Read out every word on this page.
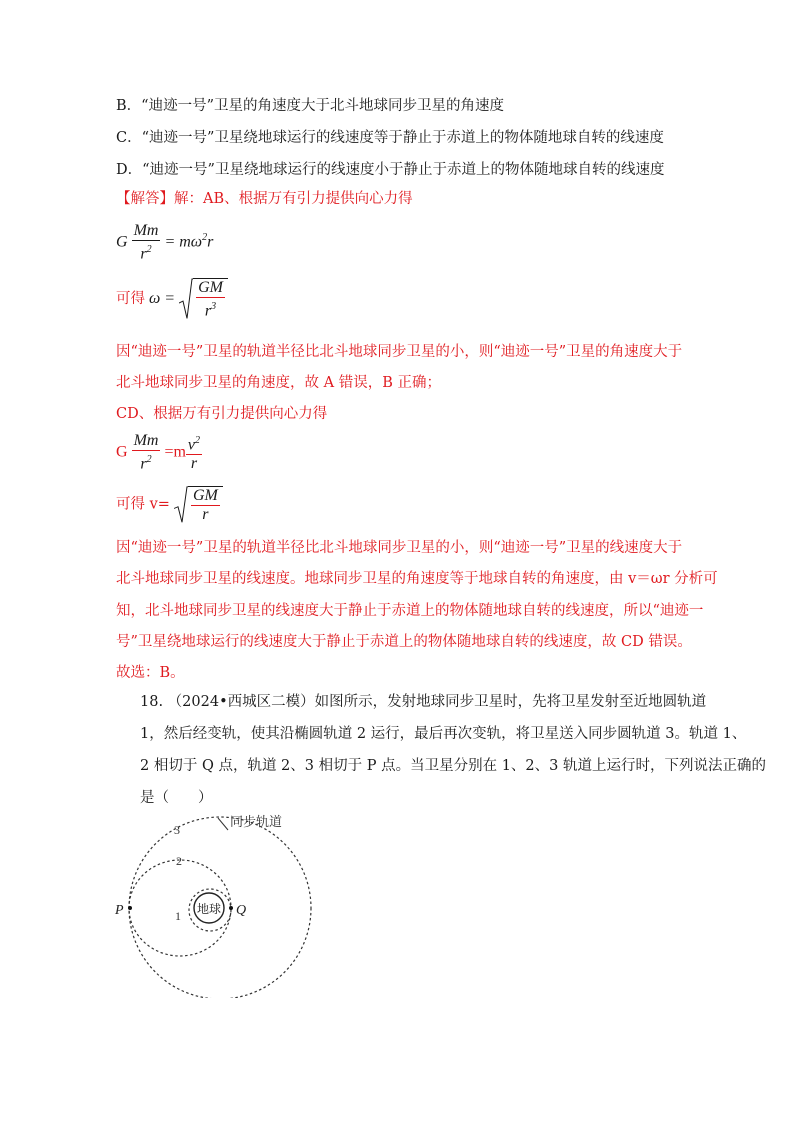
B．“迪迹一号”卫星的角速度大于北斗地球同步卫星的角速度
C．“迪迹一号”卫星绕地球运行的线速度等于静止于赤道上的物体随地球自转的线速度
D．“迪迹一号”卫星绕地球运行的线速度小于静止于赤道上的物体随地球自转的线速度
【解答】解：AB、根据万有引力提供向心力得
G $\frac{Mm}{r^2} = m\omega^2r$
可得 $\omega = \frac{GM}{r^3}$
因“迪迹一号”卫星的轨道半径比北斗地球同步卫星的小，则“迪迹一号”卫星的角速度大于
北斗地球同步卫星的角速度，故 A 错误，B 正确；
CD、根据万有引力提供向心力得
G $\frac{Mm}{r^2} =m \frac{v^2}{r}$
可得 $v= \frac{GM}{r}$
因“迪迹一号”卫星的轨道半径比北斗地球同步卫星的小，则“迪迹一号”卫星的线速度大于
北斗地球同步卫星的线速度。地球同步卫星的角速度等于地球自转的角速度，由 v＝ωr 分析可
知，北斗地球同步卫星的线速度大于静止于赤道上的物体随地球自转的线速度，所以“迪迹一
号”卫星绕地球运行的线速度大于静止于赤道上的物体随地球自转的线速度，故 CD 错误。
故选：B。
18. （2024•西城区二模）如图所示，发射地球同步卫星时，先将卫星发射至近地圆轨道
1，然后经变轨，使其沿椭圆轨道 2 运行，最后再次变轨，将卫星送入同步圆轨道 3。轨道 1、
2 相切于 Q 点，轨道 2、3 相切于 P 点。当卫星分别在 1、2、3 轨道上运行时，下列说法正确的
是（　　）
同步轨道
3
2
1 地球
P	Q
